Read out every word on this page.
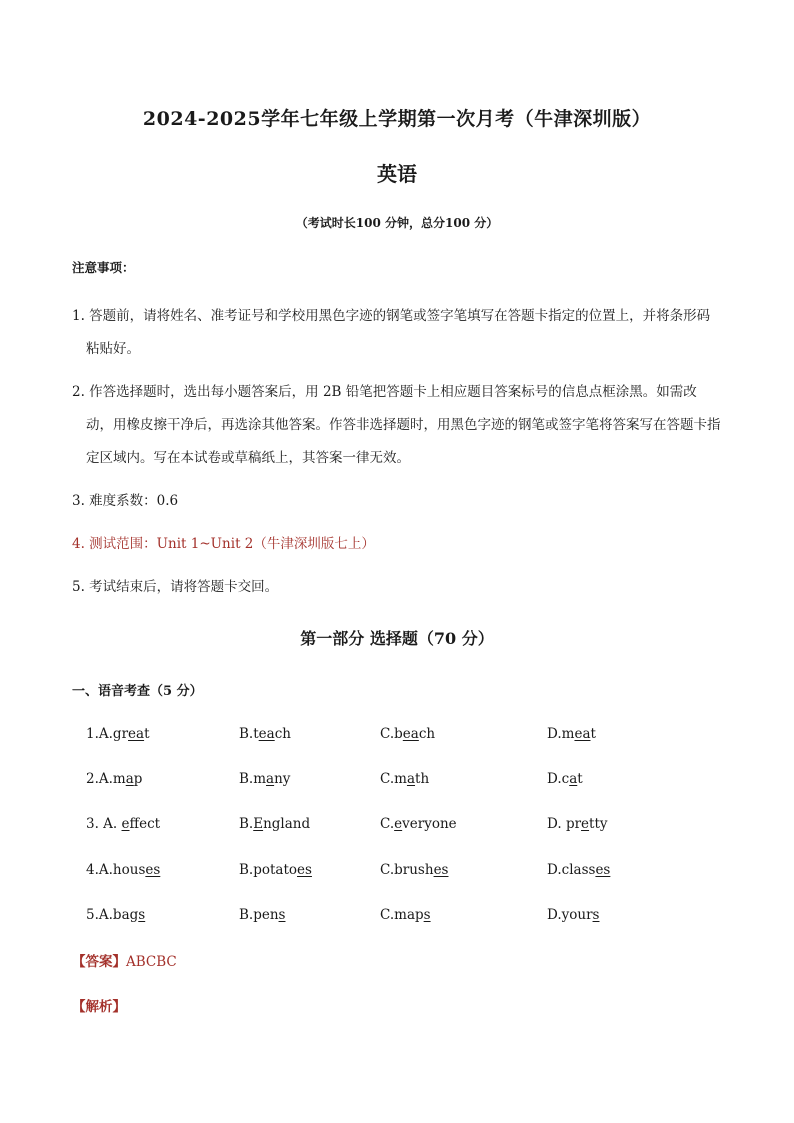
2024-2025学年七年级上学期第一次月考（牛津深圳版）
英语
（考试时长100 分钟，总分100 分）
注意事项：

1. 答题前，请将姓名、准考证号和学校用黑色字迹的钢笔或签字笔填写在答题卡指定的位置上，并将条形码粘贴好。

2. 作答选择题时，选出每小题答案后，用 2B 铅笔把答题卡上相应题目答案标号的信息点框涂黑。如需改动，用橡皮擦干净后，再选涂其他答案。作答非选择题时，用黑色字迹的钢笔或签字笔将答案写在答题卡指定区域内。写在本试卷或草稿纸上，其答案一律无效。

3. 难度系数：0.6

4. 测试范围：Unit 1~Unit 2（牛津深圳版七上）

5. 考试结束后，请将答题卡交回。

第一部分 选择题（70 分）
一、语音考查（5 分）
1.A.great	B.teach	C.beach	D.meat
2.A.map	B.many	C.math	D.cat
3. A. effect	B.England	C.everyone	D. pretty
4.A.houses	B.potatoes	C.brushes	D.classes
5.A.bags	B.pens	C.maps	D.yours
【答案】ABCBC
【解析】
